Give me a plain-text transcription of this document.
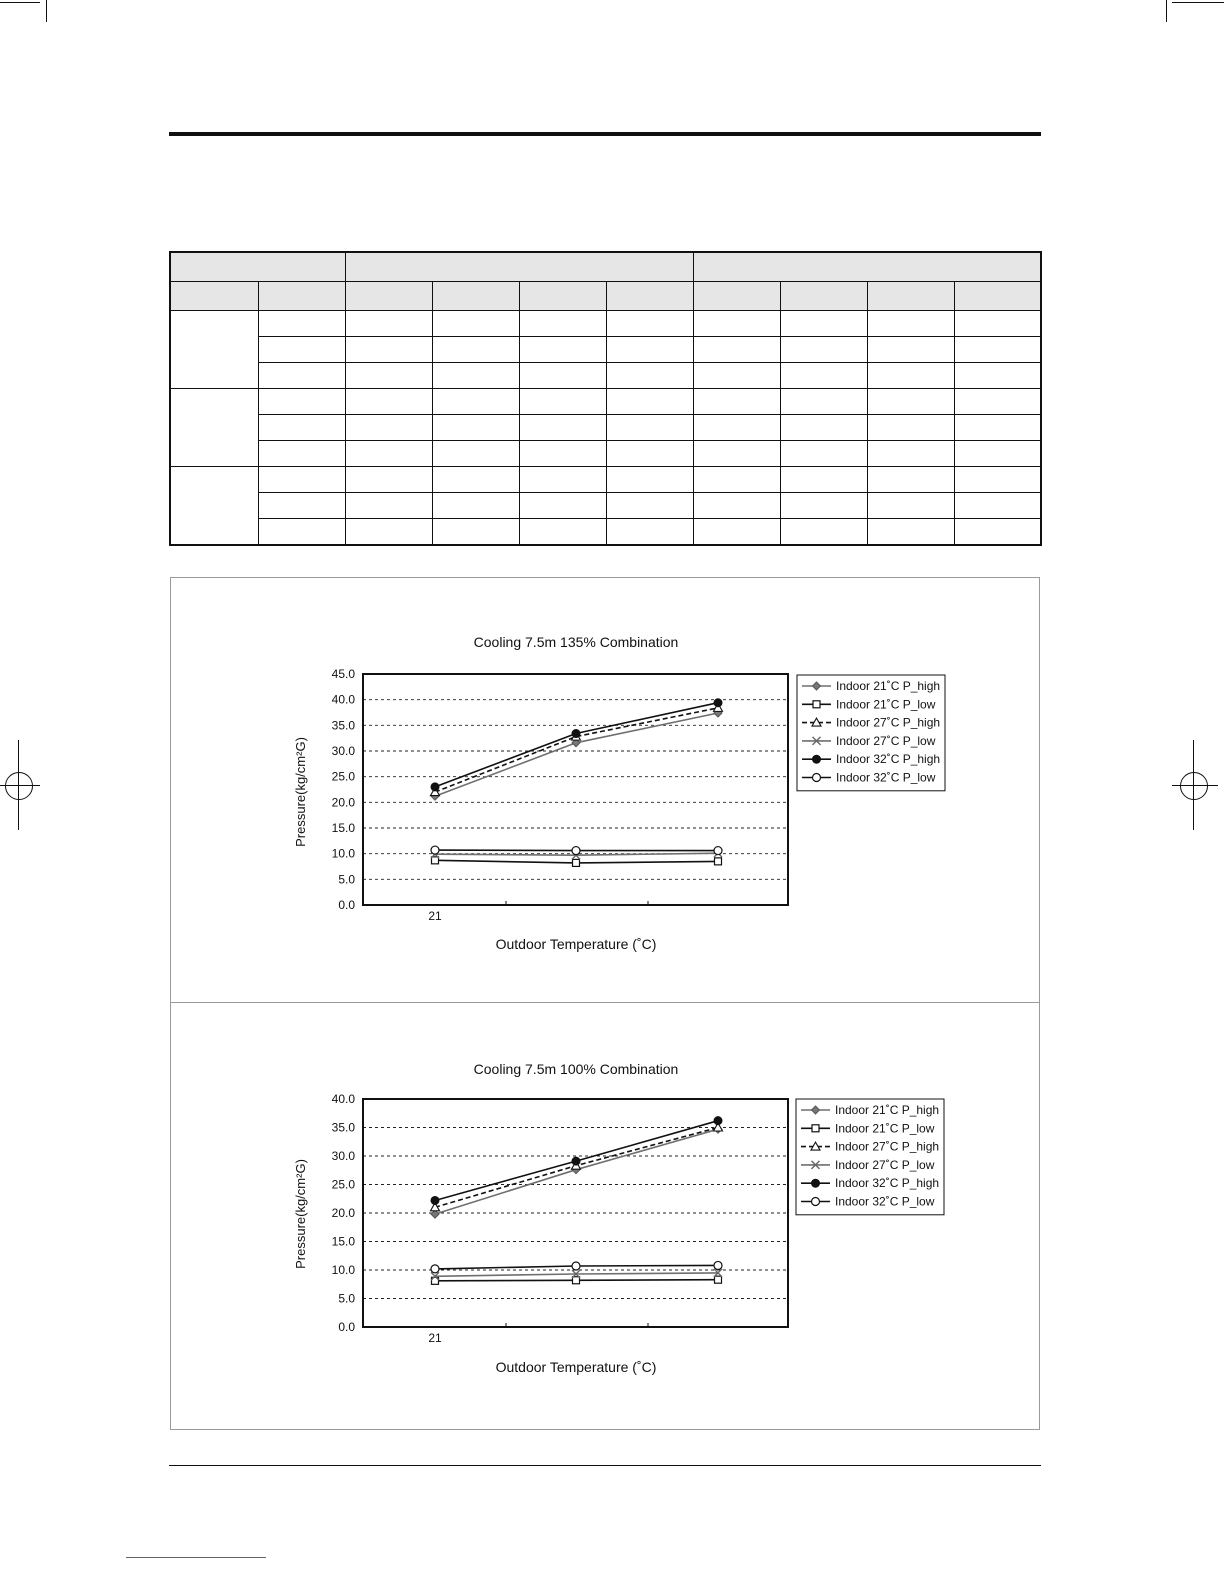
Cooling 7.5m 135% Combination
Pressure(kg/cm²G)
Outdoor Temperature (˚C)
0.0
5.0
10.0
15.0
20.0
25.0
30.0
35.0
40.0
45.0
21
Indoor 21˚C P_high
Indoor 21˚C P_low
Indoor 27˚C P_high
Indoor 27˚C P_low
Indoor 32˚C P_high
Indoor 32˚C P_low
Cooling 7.5m 100% Combination
Pressure(kg/cm²G)
Outdoor Temperature (˚C)
0.0
5.0
10.0
15.0
20.0
25.0
30.0
35.0
40.0
21
Indoor 21˚C P_high
Indoor 21˚C P_low
Indoor 27˚C P_high
Indoor 27˚C P_low
Indoor 32˚C P_high
Indoor 32˚C P_low
